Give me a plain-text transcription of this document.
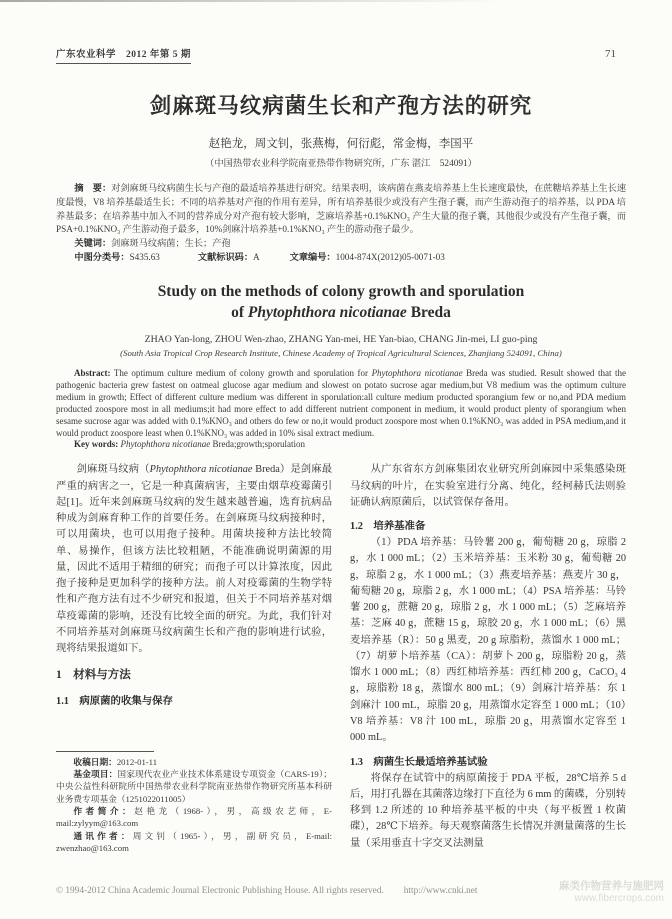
广东农业科学　2012 年第 5 期	71
剑麻斑马纹病菌生长和产孢方法的研究
赵艳龙，周文钊，张燕梅，何衍彪，常金梅，李国平
（中国热带农业科学院南亚热带作物研究所，广东 湛江　524091）

摘　要：对剑麻斑马纹病菌生长与产孢的最适培养基进行研究。结果表明，该病菌在燕麦培养基上生长速度最快，在蔗糖培养基上生长速度最慢，V8 培养基最适生长；不同的培养基对产孢的作用有差异，所有培养基很少或没有产生孢子囊，而产生游动孢子的培养基，以 PDA 培养基最多；在培养基中加入不同的营养成分对产孢有较大影响，芝麻培养基+0.1%KNO₃ 产生大量的孢子囊，其他很少或没有产生孢子囊，而 PSA+0.1%KNO₃ 产生游动孢子最多，10%剑麻汁培养基+0.1%KNO₃ 产生的游动孢子最少。

关键词：剑麻斑马纹病菌；生长；产孢

中图分类号：S435.63	文献标识码：A	文章编号：1004-874X(2012)05-0071-03

Study on the methods of colony growth and sporulation
of Phytophthora nicotianae Breda
ZHAO Yan-long, ZHOU Wen-zhao, ZHANG Yan-mei, HE Yan-biao, CHANG Jin-mei, LI guo-ping
(South Asia Tropical Crop Research Institute, Chinese Academy of Tropical Agricultural Sciences, Zhanjiang 524091, China)

Abstract: The optimum culture medium of colony growth and sporulation for Phytophthora nicotianae Breda was studied. Result showed that the pathogenic bacteria grew fastest on oatmeal glucose agar medium and slowest on potato sucrose agar medium,but V8 medium was the optimum culture medium in growth; Effect of different culture medium was different in sporulation:all culture medium producted sporangium few or no,and PDA medium producted zoospore most in all mediums;it had more effect to add different nutrient component in medium, it would product plenty of sporangium when sesame sucrose agar was added with 0.1%KNO₃ and others do few or no,it would product zoospore most when 0.1%KNO₃ was added in PSA medium,and it would product zoospore least when 0.1%KNO₃ was added in 10% sisal extract medium.

Key words: Phytophthora nicotianae Breda;growth;sporulation

剑麻斑马纹病（Phytophthora nicotianae Breda）是剑麻最严重的病害之一，它是一种真菌病害，主要由烟草疫霉菌引起[1]。近年来剑麻斑马纹病的发生越来越普遍，选育抗病品种成为剑麻育种工作的首要任务。在剑麻斑马纹病接种时，可以用菌块，也可以用孢子接种。用菌块接种方法比较简单、易操作，但该方法比较粗陋，不能准确说明菌源的用量，因此不适用于精细的研究；而孢子可以计算浓度，因此孢子接种是更加科学的接种方法。前人对疫霉菌的生物学特性和产孢方法有过不少研究和报道，但关于不同培养基对烟草疫霉菌的影响，还没有比较全面的研究。为此，我们针对不同培养基对剑麻斑马纹病菌生长和产孢的影响进行试验，现将结果报道如下。

1　材料与方法
1.1　病原菌的收集与保存

收稿日期：2012-01-11

基金项目：国家现代农业产业技术体系建设专项资金（CARS-19）；中央公益性科研院所中国热带农业科学院南亚热带作物研究所基本科研业务费专项基金（1251022011005）

作者简介：赵艳龙（1968-），男，高级农艺师，E-mail:zylyym@163.com

通讯作者：周文钊（1965-），男，副研究员，E-mail: zwenzhao@163.com

从广东省东方剑麻集团农业研究所剑麻园中采集感染斑马纹病的叶片，在实验室进行分离、纯化，经柯赫氏法则验证确认病原菌后，以试管保存备用。

1.2　培养基准备

（1）PDA 培养基：马铃薯 200 g，葡萄糖 20 g，琼脂 2 g，水 1 000 mL；（2）玉米培养基：玉米粉 30 g，葡萄糖 20 g，琼脂 2 g，水 1 000 mL；（3）燕麦培养基：燕麦片 30 g，葡萄糖 20 g，琼脂 2 g，水 1 000 mL；（4）PSA 培养基：马铃薯 200 g，蔗糖 20 g，琼脂 2 g，水 1 000 mL；（5）芝麻培养基：芝麻 40 g，蔗糖 15 g，琼胶 20 g，水 1 000 mL；（6）黑麦培养基（R）：50 g 黑麦，20 g 琼脂粉，蒸馏水 1 000 mL；（7）胡萝卜培养基（CA）：胡萝卜 200 g，琼脂粉 20 g，蒸馏水 1 000 mL；（8）西红柿培养基：西红柿 200 g，CaCO₃ 4 g，琼脂粉 18 g，蒸馏水 800 mL；（9）剑麻汁培养基：东 1 剑麻汁 100 mL，琼脂 20 g，用蒸馏水定容至 1 000 mL；（10）V8 培养基：V8 汁 100 mL，琼脂 20 g，用蒸馏水定容至 1 000 mL。

1.3　病菌生长最适培养基试验

将保存在试管中的病原菌接于 PDA 平板，28℃培养 5 d 后，用打孔器在其菌落边缘打下直径为 6 mm 的菌碟，分别转移到 1.2 所述的 10 种培养基平板的中央（每平板置 1 枚菌碟），28℃下培养。每天观察菌落生长情况并测量菌落的生长量（采用垂直十字交叉法测量

© 1994-2012 China Academic Journal Electronic Publishing House. All rights reserved. http://www.cnki.net	麻类作物营养与施肥网
www.fibercrops.com
